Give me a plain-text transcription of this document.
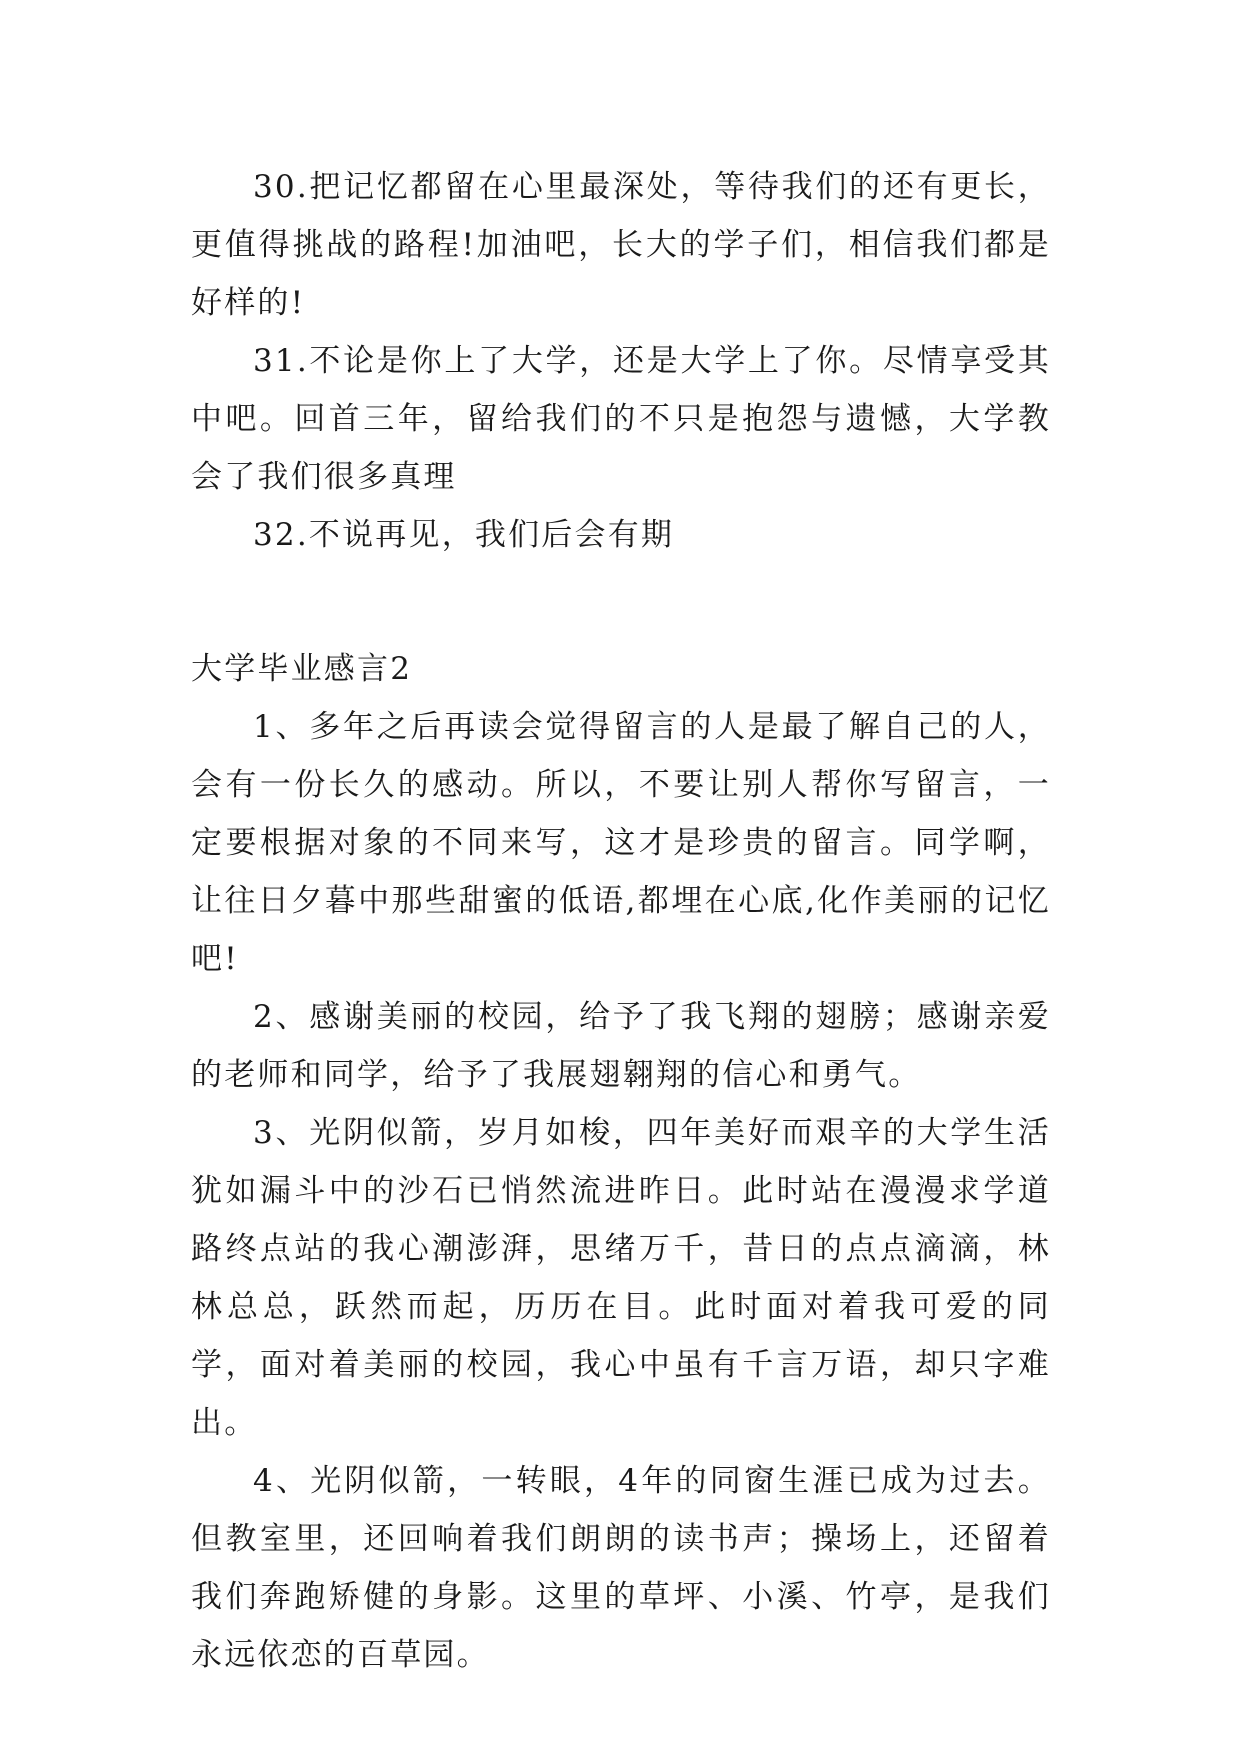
30.把记忆都留在心里最深处，等待我们的还有更长，更值得挑战的路程!加油吧，长大的学子们，相信我们都是好样的!

31.不论是你上了大学，还是大学上了你。尽情享受其中吧。回首三年，留给我们的不只是抱怨与遗憾，大学教会了我们很多真理

32.不说再见，我们后会有期

大学毕业感言2

1、多年之后再读会觉得留言的人是最了解自己的人，会有一份长久的感动。所以，不要让别人帮你写留言，一定要根据对象的不同来写，这才是珍贵的留言。同学啊，让往日夕暮中那些甜蜜的低语,都埋在心底,化作美丽的记忆吧!

2、感谢美丽的校园，给予了我飞翔的翅膀；感谢亲爱的老师和同学，给予了我展翅翱翔的信心和勇气。

3、光阴似箭，岁月如梭，四年美好而艰辛的大学生活犹如漏斗中的沙石已悄然流进昨日。此时站在漫漫求学道路终点站的我心潮澎湃，思绪万千，昔日的点点滴滴，林林总总，跃然而起，历历在目。此时面对着我可爱的同学，面对着美丽的校园，我心中虽有千言万语，却只字难出。

4、光阴似箭，一转眼，4年的同窗生涯已成为过去。但教室里，还回响着我们朗朗的读书声；操场上，还留着我们奔跑矫健的身影。这里的草坪、小溪、竹亭，是我们永远依恋的百草园。
